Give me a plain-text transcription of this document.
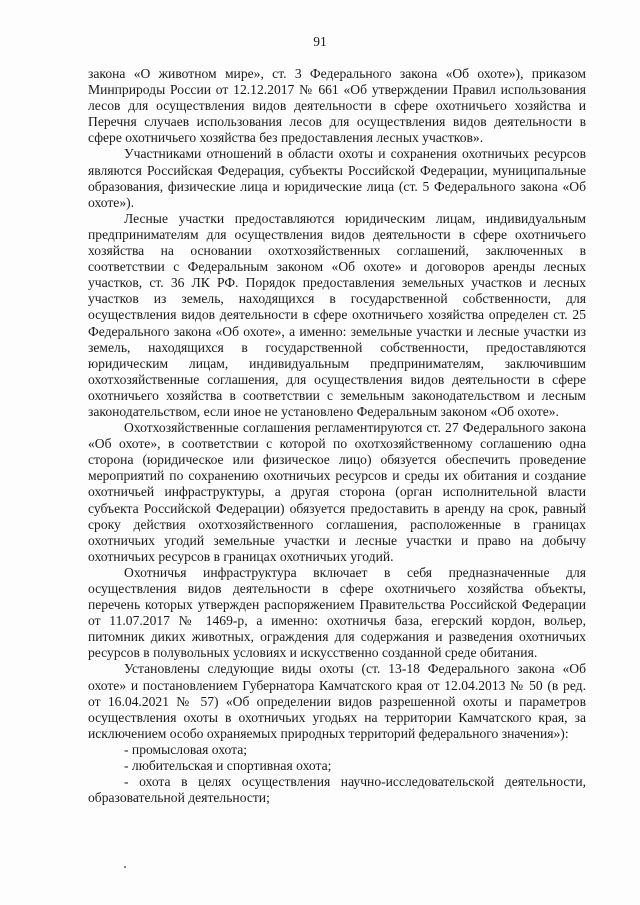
91

закона «О животном мире», ст. 3 Федерального закона «Об охоте»), приказом Минприроды России от 12.12.2017 № 661 «Об утверждении Правил использования лесов для осуществления видов деятельности в сфере охотничьего хозяйства и Перечня случаев использования лесов для осуществления видов деятельности в сфере охотничьего хозяйства без предоставления лесных участков».

Участниками отношений в области охоты и сохранения охотничьих ресурсов являются Российская Федерация, субъекты Российской Федерации, муниципальные образования, физические лица и юридические лица (ст. 5 Федерального закона «Об охоте»).

Лесные участки предоставляются юридическим лицам, индивидуальным предпринимателям для осуществления видов деятельности в сфере охотничьего хозяйства на основании охотхозяйственных соглашений, заключенных в соответствии с Федеральным законом «Об охоте» и договоров аренды лесных участков, ст. 36 ЛК РФ. Порядок предоставления земельных участков и лесных участков из земель, находящихся в государственной собственности, для осуществления видов деятельности в сфере охотничьего хозяйства определен ст. 25 Федерального закона «Об охоте», а именно: земельные участки и лесные участки из земель, находящихся в государственной собственности, предоставляются юридическим лицам, индивидуальным предпринимателям, заключившим охотхозяйственные соглашения, для осуществления видов деятельности в сфере охотничьего хозяйства в соответствии с земельным законодательством и лесным законодательством, если иное не установлено Федеральным законом «Об охоте».

Охотхозяйственные соглашения регламентируются ст. 27 Федерального закона «Об охоте», в соответствии с которой по охотхозяйственному соглашению одна сторона (юридическое или физическое лицо) обязуется обеспечить проведение мероприятий по сохранению охотничьих ресурсов и среды их обитания и создание охотничьей инфраструктуры, а другая сторона (орган исполнительной власти субъекта Российской Федерации) обязуется предоставить в аренду на срок, равный сроку действия охотхозяйственного соглашения, расположенные в границах охотничьих угодий земельные участки и лесные участки и право на добычу охотничьих ресурсов в границах охотничьих угодий.

Охотничья инфраструктура включает в себя предназначенные для осуществления видов деятельности в сфере охотничьего хозяйства объекты, перечень которых утвержден распоряжением Правительства Российской Федерации от 11.07.2017 № 1469-р, а именно: охотничья база, егерский кордон, вольер, питомник диких животных, ограждения для содержания и разведения охотничьих ресурсов в полувольных условиях и искусственно созданной среде обитания.

Установлены следующие виды охоты (ст. 13-18 Федерального закона «Об охоте» и постановлением Губернатора Камчатского края от 12.04.2013 № 50 (в ред. от 16.04.2021 № 57) «Об определении видов разрешенной охоты и параметров осуществления охоты в охотничьих угодьях на территории Камчатского края, за исключением особо охраняемых природных территорий федерального значения»):

- промысловая охота;

- любительская и спортивная охота;

- охота в целях осуществления научно-исследовательской деятельности, образовательной деятельности;
